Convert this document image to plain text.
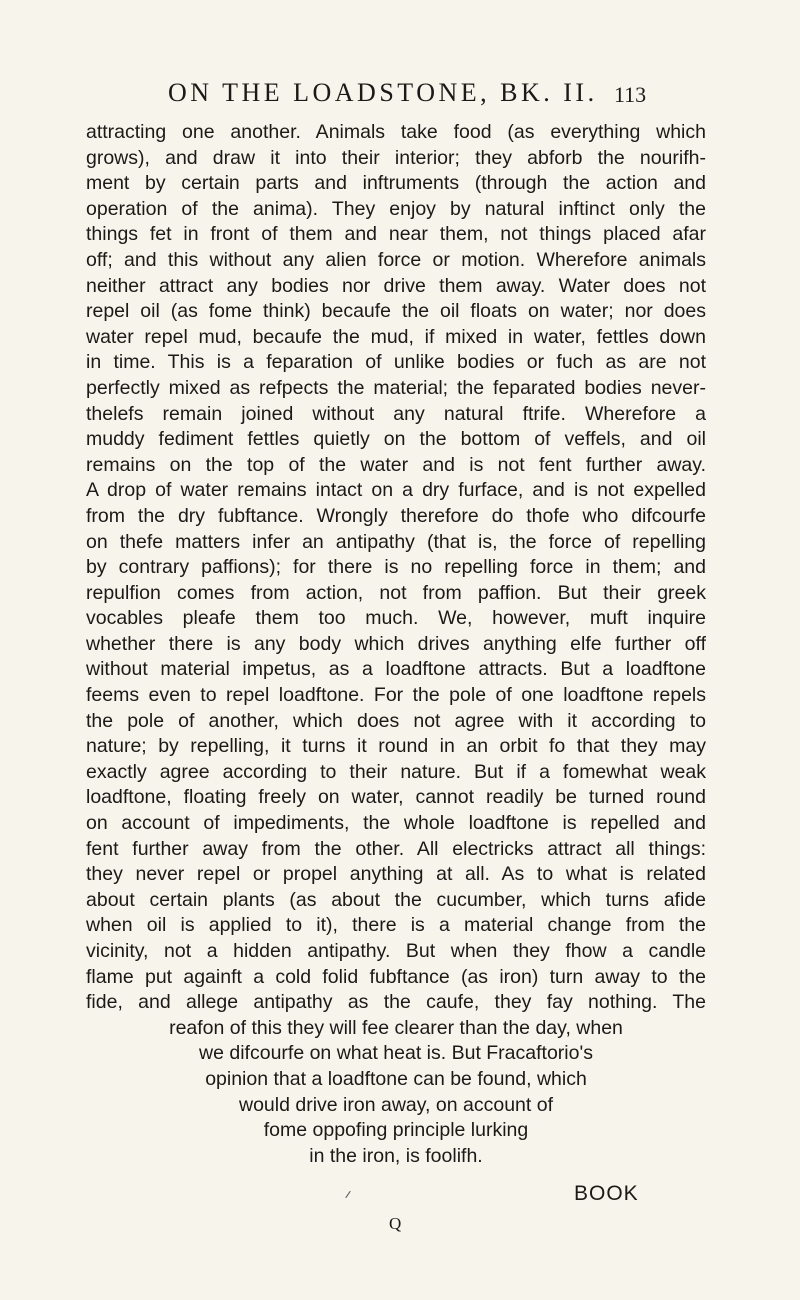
ON THE LOADSTONE, BK. II. 113
attracting one another. Animals take food (as everything which
grows), and draw it into their interior; they abforb the nourifh-
ment by certain parts and inftruments (through the action and
operation of the anima). They enjoy by natural inftinct only the
things fet in front of them and near them, not things placed afar
off; and this without any alien force or motion. Wherefore animals
neither attract any bodies nor drive them away. Water does not
repel oil (as fome think) becaufe the oil floats on water; nor does
water repel mud, becaufe the mud, if mixed in water, fettles down
in time. This is a feparation of unlike bodies or fuch as are not
perfectly mixed as refpects the material; the feparated bodies never-
thelefs remain joined without any natural ftrife. Wherefore a
muddy fediment fettles quietly on the bottom of veffels, and oil
remains on the top of the water and is not fent further away.
A drop of water remains intact on a dry furface, and is not expelled
from the dry fubftance. Wrongly therefore do thofe who difcourfe
on thefe matters infer an antipathy (that is, the force of repelling
by contrary paffions); for there is no repelling force in them; and
repulfion comes from action, not from paffion. But their greek
vocables pleafe them too much. We, however, muft inquire
whether there is any body which drives anything elfe further off
without material impetus, as a loadftone attracts. But a loadftone
feems even to repel loadftone. For the pole of one loadftone repels
the pole of another, which does not agree with it according to
nature; by repelling, it turns it round in an orbit fo that they may
exactly agree according to their nature. But if a fomewhat weak
loadftone, floating freely on water, cannot readily be turned round
on account of impediments, the whole loadftone is repelled and
fent further away from the other. All electricks attract all things:
they never repel or propel anything at all. As to what is related
about certain plants (as about the cucumber, which turns afide
when oil is applied to it), there is a material change from the
vicinity, not a hidden antipathy. But when they fhow a candle
flame put againft a cold folid fubftance (as iron) turn away to the
fide, and allege antipathy as the caufe, they fay nothing. The
reafon of this they will fee clearer than the day, when
we difcourfe on what heat is. But Fracaftorio's
opinion that a loadftone can be found, which
would drive iron away, on account of
fome oppofing principle lurking
in the iron, is foolifh.
BOOK
Q
